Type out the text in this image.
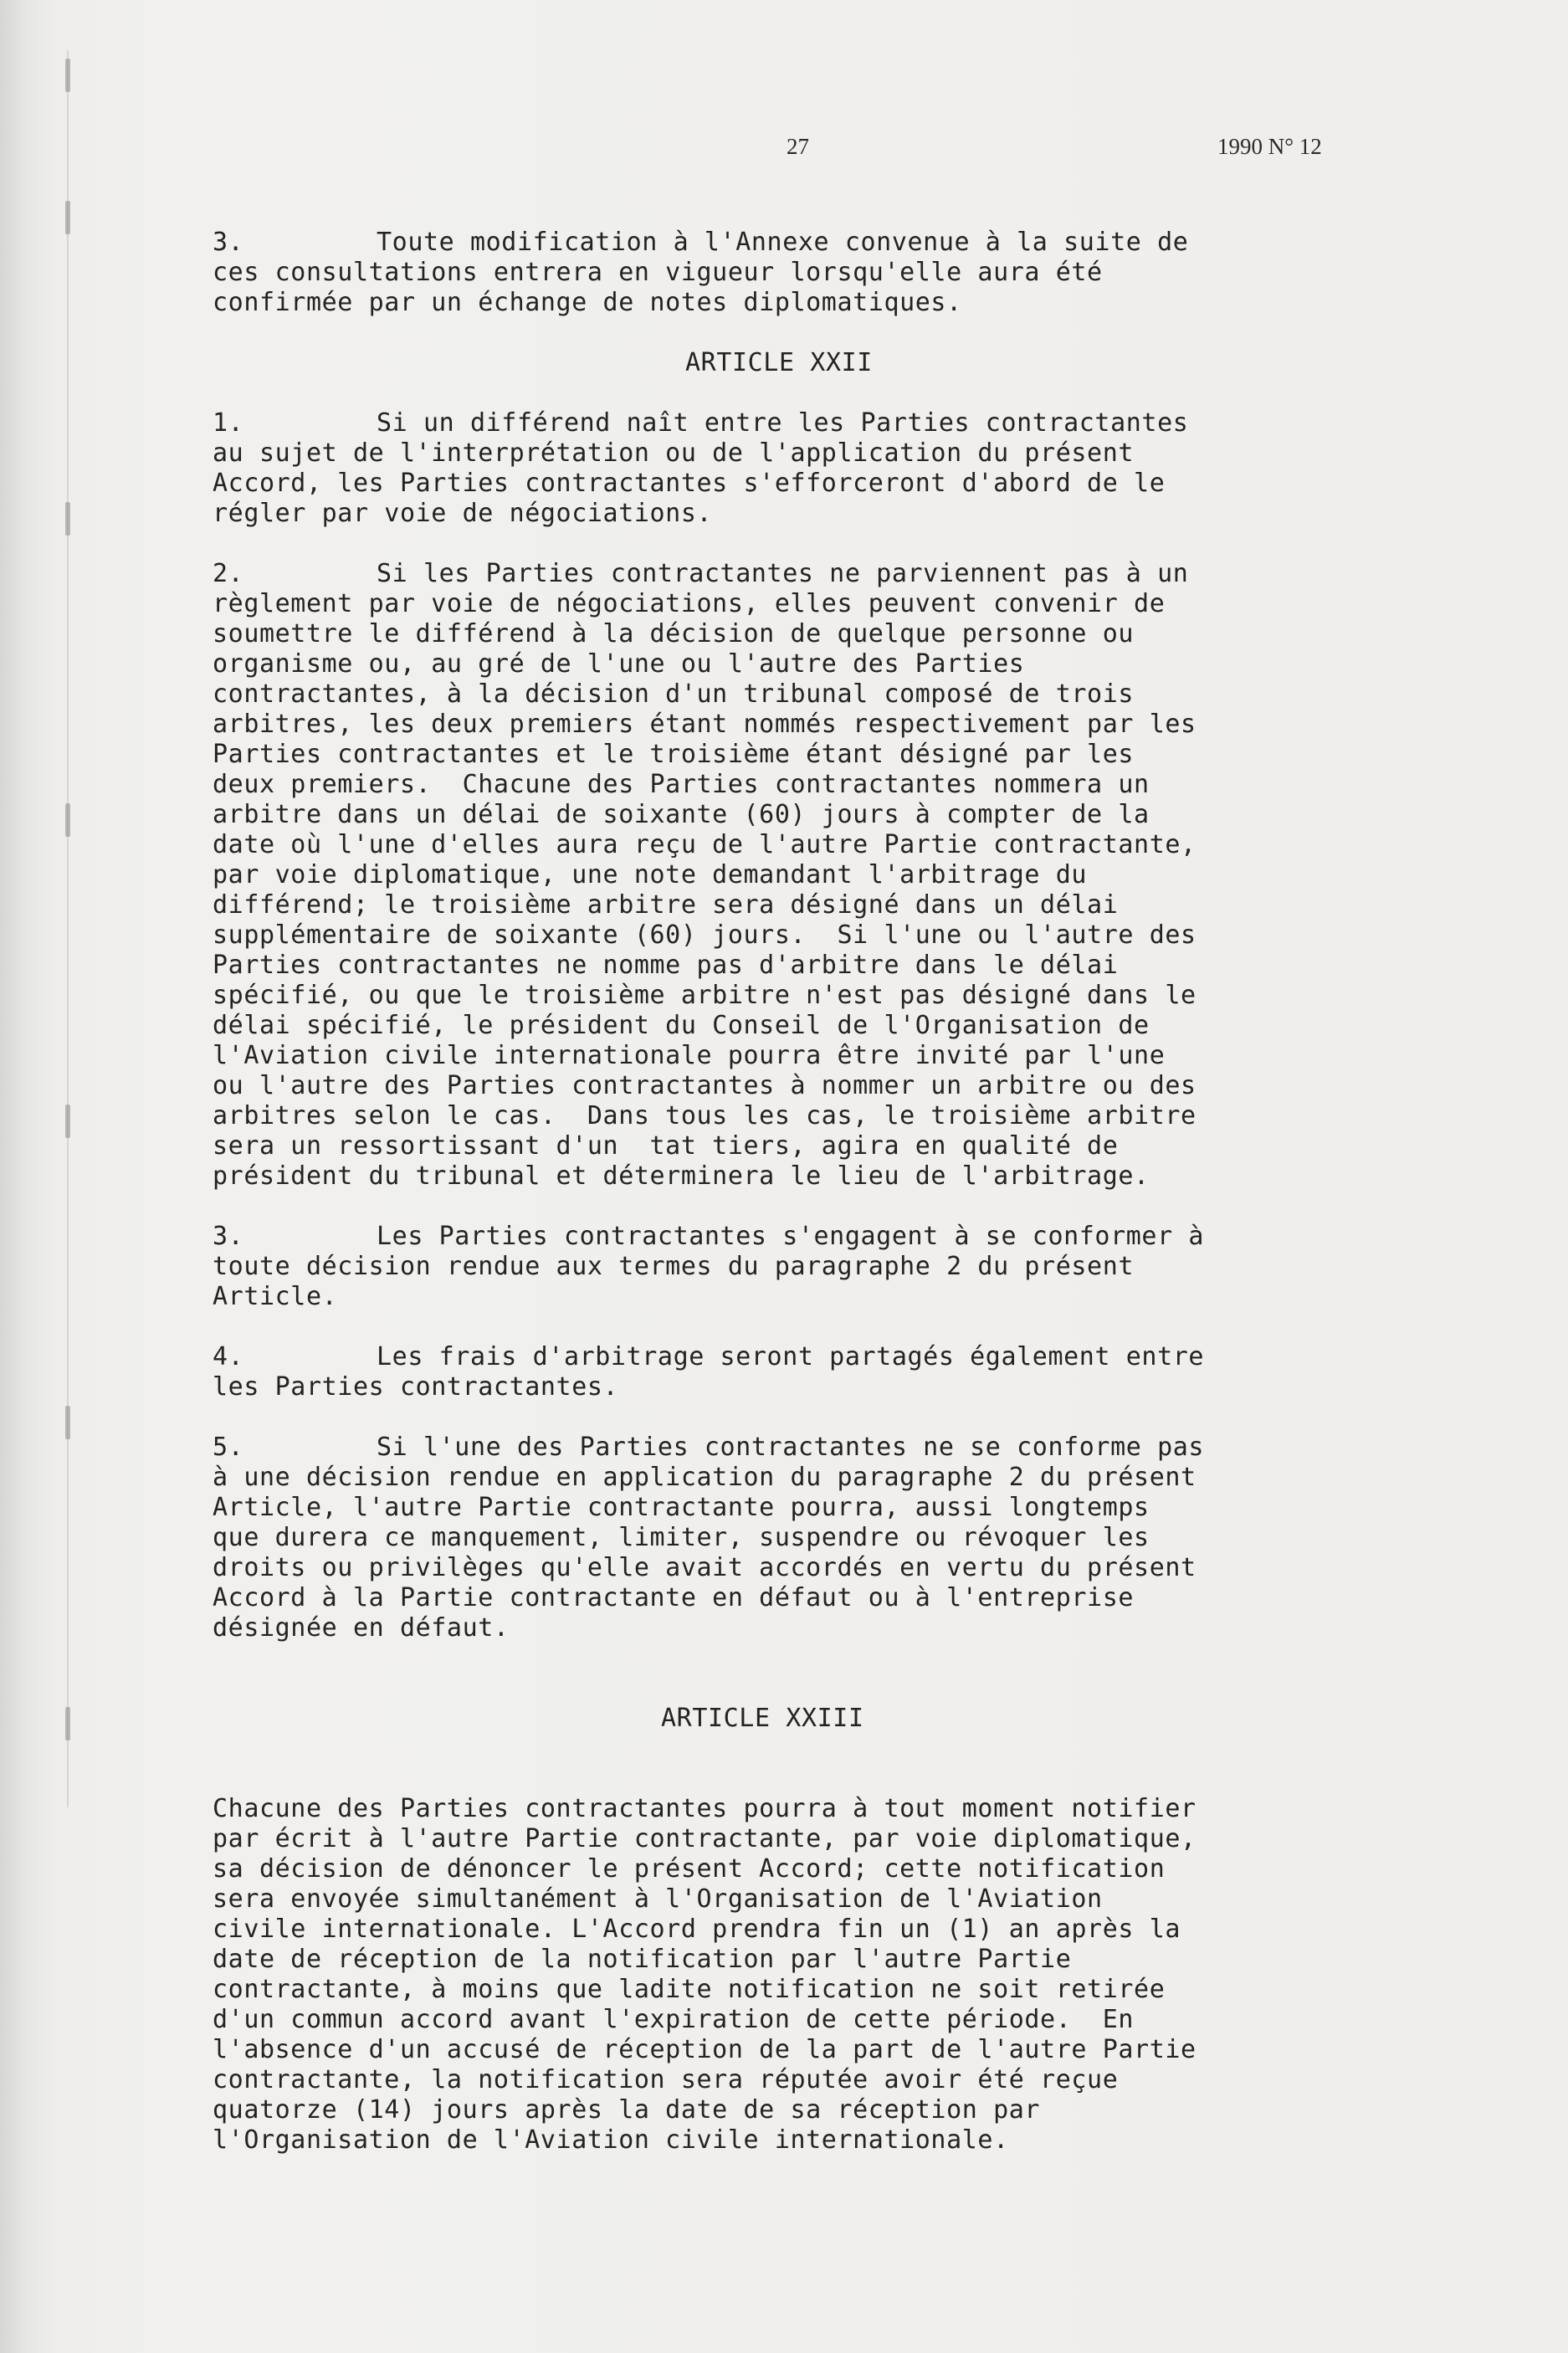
27	1990 N° 12
3.	Toute modification à l'Annexe convenue à la suite de
ces consultations entrera en vigueur lorsqu'elle aura été
confirmée par un échange de notes diplomatiques.
ARTICLE XXII
1.	Si un différend naît entre les Parties contractantes
au sujet de l'interprétation ou de l'application du présent
Accord, les Parties contractantes s'efforceront d'abord de le
régler par voie de négociations.
2.	Si les Parties contractantes ne parviennent pas à un
règlement par voie de négociations, elles peuvent convenir de
soumettre le différend à la décision de quelque personne ou
organisme ou, au gré de l'une ou l'autre des Parties
contractantes, à la décision d'un tribunal composé de trois
arbitres, les deux premiers étant nommés respectivement par les
Parties contractantes et le troisième étant désigné par les
deux premiers.  Chacune des Parties contractantes nommera un
arbitre dans un délai de soixante (60) jours à compter de la
date où l'une d'elles aura reçu de l'autre Partie contractante,
par voie diplomatique, une note demandant l'arbitrage du
différend; le troisième arbitre sera désigné dans un délai
supplémentaire de soixante (60) jours.  Si l'une ou l'autre des
Parties contractantes ne nomme pas d'arbitre dans le délai
spécifié, ou que le troisième arbitre n'est pas désigné dans le
délai spécifié, le président du Conseil de l'Organisation de
l'Aviation civile internationale pourra être invité par l'une
ou l'autre des Parties contractantes à nommer un arbitre ou des
arbitres selon le cas.  Dans tous les cas, le troisième arbitre
sera un ressortissant d'un  tat tiers, agira en qualité de
président du tribunal et déterminera le lieu de l'arbitrage.
3.	Les Parties contractantes s'engagent à se conformer à
toute décision rendue aux termes du paragraphe 2 du présent
Article.
4.	Les frais d'arbitrage seront partagés également entre
les Parties contractantes.
5.	Si l'une des Parties contractantes ne se conforme pas
à une décision rendue en application du paragraphe 2 du présent
Article, l'autre Partie contractante pourra, aussi longtemps
que durera ce manquement, limiter, suspendre ou révoquer les
droits ou privilèges qu'elle avait accordés en vertu du présent
Accord à la Partie contractante en défaut ou à l'entreprise
désignée en défaut.
ARTICLE XXIII
Chacune des Parties contractantes pourra à tout moment notifier
par écrit à l'autre Partie contractante, par voie diplomatique,
sa décision de dénoncer le présent Accord; cette notification
sera envoyée simultanément à l'Organisation de l'Aviation
civile internationale. L'Accord prendra fin un (1) an après la
date de réception de la notification par l'autre Partie
contractante, à moins que ladite notification ne soit retirée
d'un commun accord avant l'expiration de cette période.  En
l'absence d'un accusé de réception de la part de l'autre Partie
contractante, la notification sera réputée avoir été reçue
quatorze (14) jours après la date de sa réception par
l'Organisation de l'Aviation civile internationale.
